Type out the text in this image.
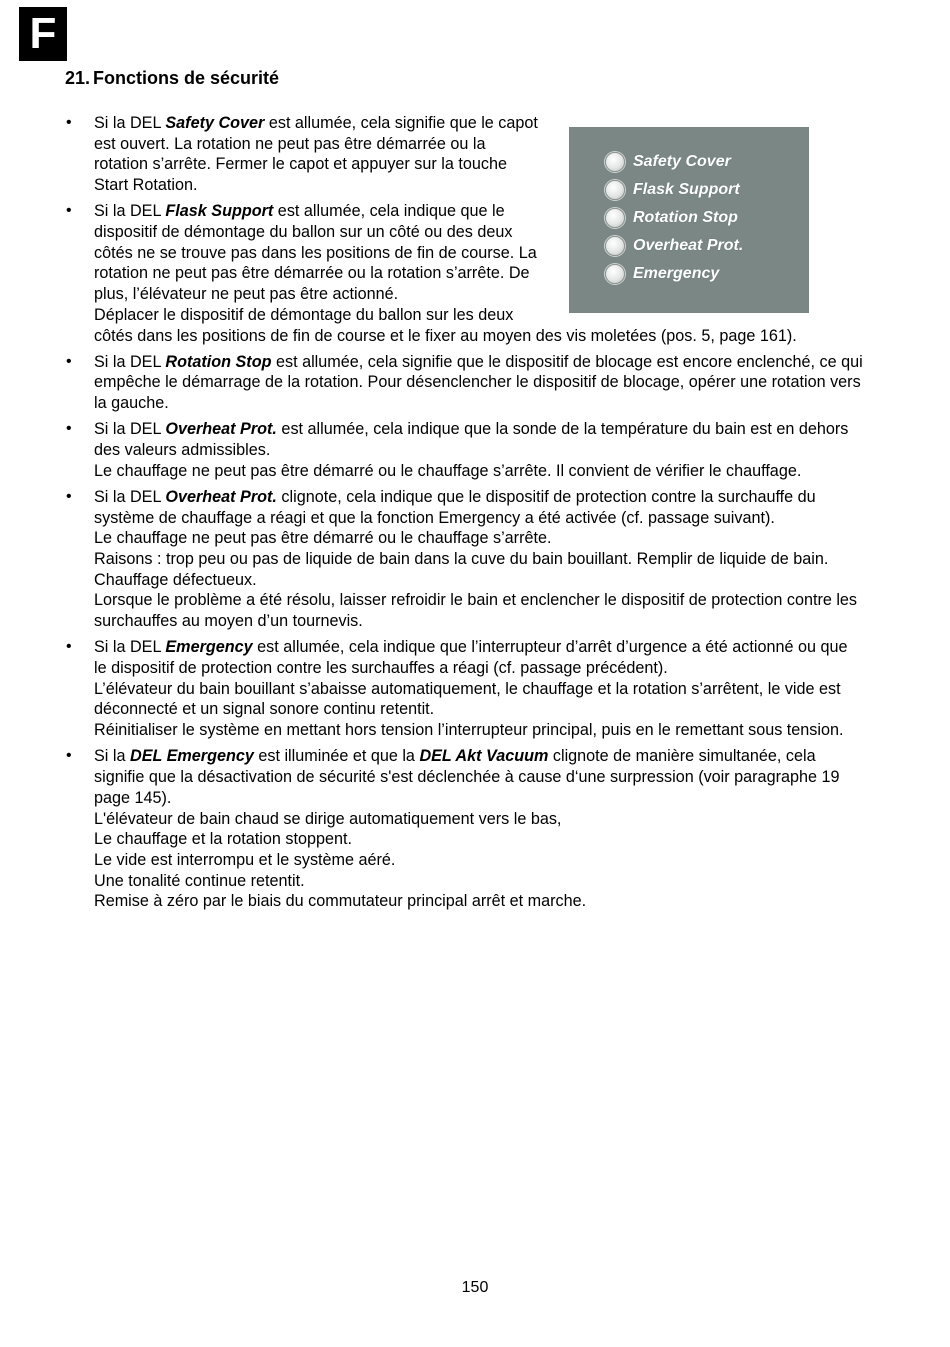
F
21. Fonctions de sécurité
Safety Cover
Flask Support
Rotation Stop
Overheat Prot.
Emergency

• Si la DEL Safety Cover est allumée, cela signifie que le capot est ouvert. La rotation ne peut pas être démarrée ou la rotation s’arrête. Fermer le capot et appuyer sur la touche Start Rotation.

• Si la DEL Flask Support est allumée, cela indique que le dispositif de démontage du ballon sur un côté ou des deux côtés ne se trouve pas dans les positions de fin de course. La rotation ne peut pas être démarrée ou la rotation s’arrête. De plus, l’élévateur ne peut pas être actionné.

Déplacer le dispositif de démontage du ballon sur les deux côtés dans les positions de fin de course et le fixer au moyen des vis moletées (pos. 5, page 161).

• Si la DEL Rotation Stop est allumée, cela signifie que le dispositif de blocage est encore enclenché, ce qui empêche le démarrage de la rotation. Pour désenclencher le dispositif de blocage, opérer une rotation vers la gauche.

• Si la DEL Overheat Prot. est allumée, cela indique que la sonde de la température du bain est en dehors des valeurs admissibles.

Le chauffage ne peut pas être démarré ou le chauffage s’arrête. Il convient de vérifier le chauffage.

• Si la DEL Overheat Prot. clignote, cela indique que le dispositif de protection contre la surchauffe du système de chauffage a réagi et que la fonction Emergency a été activée (cf. passage suivant).

Le chauffage ne peut pas être démarré ou le chauffage s’arrête.

Raisons : trop peu ou pas de liquide de bain dans la cuve du bain bouillant. Remplir de liquide de bain.

Chauffage défectueux.

Lorsque le problème a été résolu, laisser refroidir le bain et enclencher le dispositif de protection contre les surchauffes au moyen d’un tournevis.

• Si la DEL Emergency est allumée, cela indique que l’interrupteur d’arrêt d’urgence a été actionné ou que le dispositif de protection contre les surchauffes a réagi (cf. passage précédent).

L’élévateur du bain bouillant s’abaisse automatiquement, le chauffage et la rotation s’arrêtent, le vide est déconnecté et un signal sonore continu retentit.

Réinitialiser le système en mettant hors tension l’interrupteur principal, puis en le remettant sous tension.

• Si la DEL Emergency est illuminée et que la DEL Akt Vacuum clignote de manière simultanée, cela signifie que la désactivation de sécurité s'est déclenchée à cause d‘une surpression (voir paragraphe 19 page 145).

L'élévateur de bain chaud se dirige automatiquement vers le bas,

Le chauffage et la rotation stoppent.

Le vide est interrompu et le système aéré.

Une tonalité continue retentit.

Remise à zéro par le biais du commutateur principal arrêt et marche.

150
